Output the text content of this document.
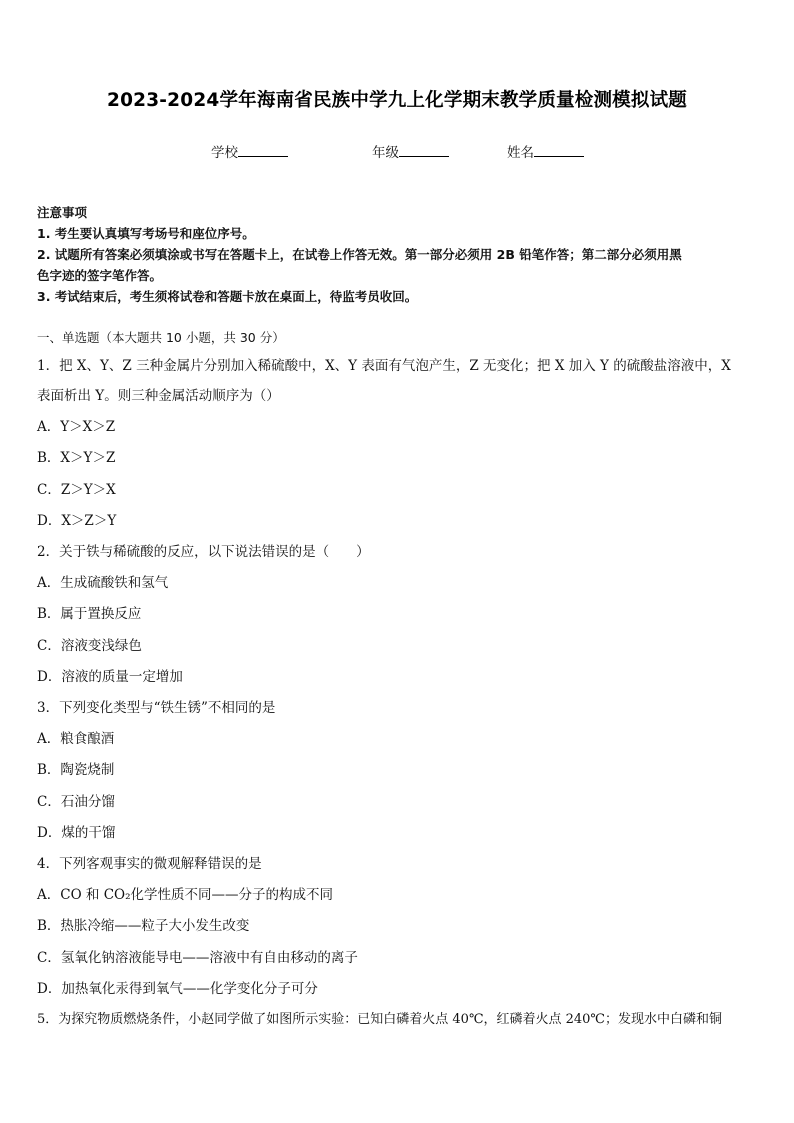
2023-2024学年海南省民族中学九上化学期末教学质量检测模拟试题
学校	年级	姓名
注意事项
1. 考生要认真填写考场号和座位序号。
2. 试题所有答案必须填涂或书写在答题卡上，在试卷上作答无效。第一部分必须用 2B 铅笔作答；第二部分必须用黑
色字迹的签字笔作答。
3. 考试结束后，考生须将试卷和答题卡放在桌面上，待监考员收回。
一、单选题（本大题共 10 小题，共 30 分）
1．把 X、Y、Z 三种金属片分别加入稀硫酸中，X、Y 表面有气泡产生，Z 无变化；把 X 加入 Y 的硫酸盐溶液中，X
表面析出 Y。则三种金属活动顺序为（）
A．Y＞X＞Z
B．X＞Y＞Z
C．Z＞Y＞X
D．X＞Z＞Y
2．关于铁与稀硫酸的反应，以下说法错误的是（　　）
A．生成硫酸铁和氢气
B．属于置换反应
C．溶液变浅绿色
D．溶液的质量一定增加
3．下列变化类型与“铁生锈”不相同的是
A．粮食酿酒
B．陶瓷烧制
C．石油分馏
D．煤的干馏
4．下列客观事实的微观解释错误的是
A．CO 和 CO₂化学性质不同——分子的构成不同
B．热胀冷缩——粒子大小发生改变
C．氢氧化钠溶液能导电——溶液中有自由移动的离子
D．加热氧化汞得到氧气——化学变化分子可分
5．为探究物质燃烧条件，小赵同学做了如图所示实验：已知白磷着火点 40℃，红磷着火点 240℃；发现水中白磷和铜
